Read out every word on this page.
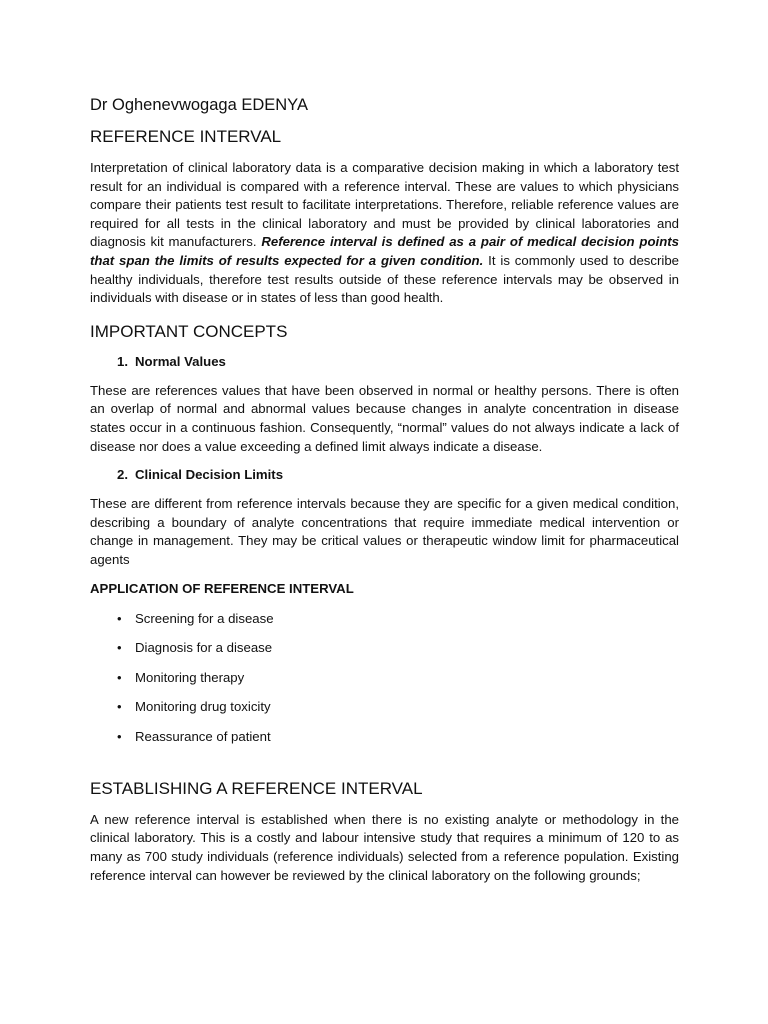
Dr Oghenevwogaga EDENYA
REFERENCE INTERVAL

Interpretation of clinical laboratory data is a comparative decision making in which a laboratory test result for an individual is compared with a reference interval. These are values to which physicians compare their patients test result to facilitate interpretations. Therefore, reliable reference values are required for all tests in the clinical laboratory and must be provided by clinical laboratories and diagnosis kit manufacturers. Reference interval is defined as a pair of medical decision points that span the limits of results expected for a given condition. It is commonly used to describe healthy individuals, therefore test results outside of these reference intervals may be observed in individuals with disease or in states of less than good health.

IMPORTANT CONCEPTS
1. Normal Values

These are references values that have been observed in normal or healthy persons. There is often an overlap of normal and abnormal values because changes in analyte concentration in disease states occur in a continuous fashion. Consequently, “normal” values do not always indicate a lack of disease nor does a value exceeding a defined limit always indicate a disease.

2. Clinical Decision Limits

These are different from reference intervals because they are specific for a given medical condition, describing a boundary of analyte concentrations that require immediate medical intervention or change in management. They may be critical values or therapeutic window limit for pharmaceutical agents

APPLICATION OF REFERENCE INTERVAL
•	Screening for a disease
•	Diagnosis for a disease
•	Monitoring therapy
•	Monitoring drug toxicity
•	Reassurance of patient
ESTABLISHING A REFERENCE INTERVAL

A new reference interval is established when there is no existing analyte or methodology in the clinical laboratory. This is a costly and labour intensive study that requires a minimum of 120 to as many as 700 study individuals (reference individuals) selected from a reference population. Existing reference interval can however be reviewed by the clinical laboratory on the following grounds;
